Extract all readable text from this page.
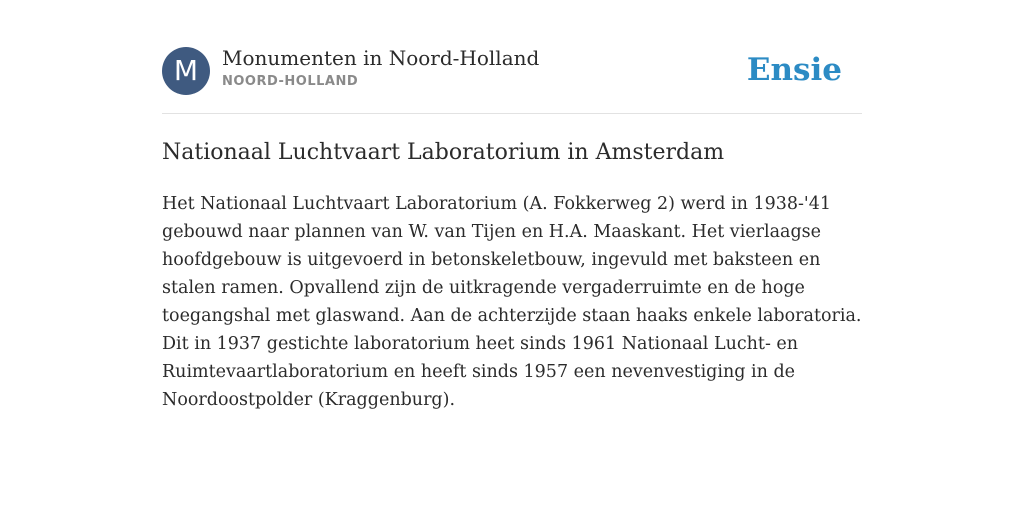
M	Monumenten in Noord-Holland
NOORD-HOLLAND	Ensie
Nationaal Luchtvaart Laboratorium in Amsterdam

Het Nationaal Luchtvaart Laboratorium (A. Fokkerweg 2) werd in 1938-'41 gebouwd naar plannen van W. van Tijen en H.A. Maaskant. Het vierlaagse hoofdgebouw is uitgevoerd in betonskeletbouw, ingevuld met baksteen en stalen ramen. Opvallend zijn de uitkragende vergaderruimte en de hoge toegangshal met glaswand. Aan de achterzijde staan haaks enkele laboratoria. Dit in 1937 gestichte laboratorium heet sinds 1961 Nationaal Lucht- en Ruimtevaartlaboratorium en heeft sinds 1957 een nevenvestiging in de Noordoostpolder (Kraggenburg).
